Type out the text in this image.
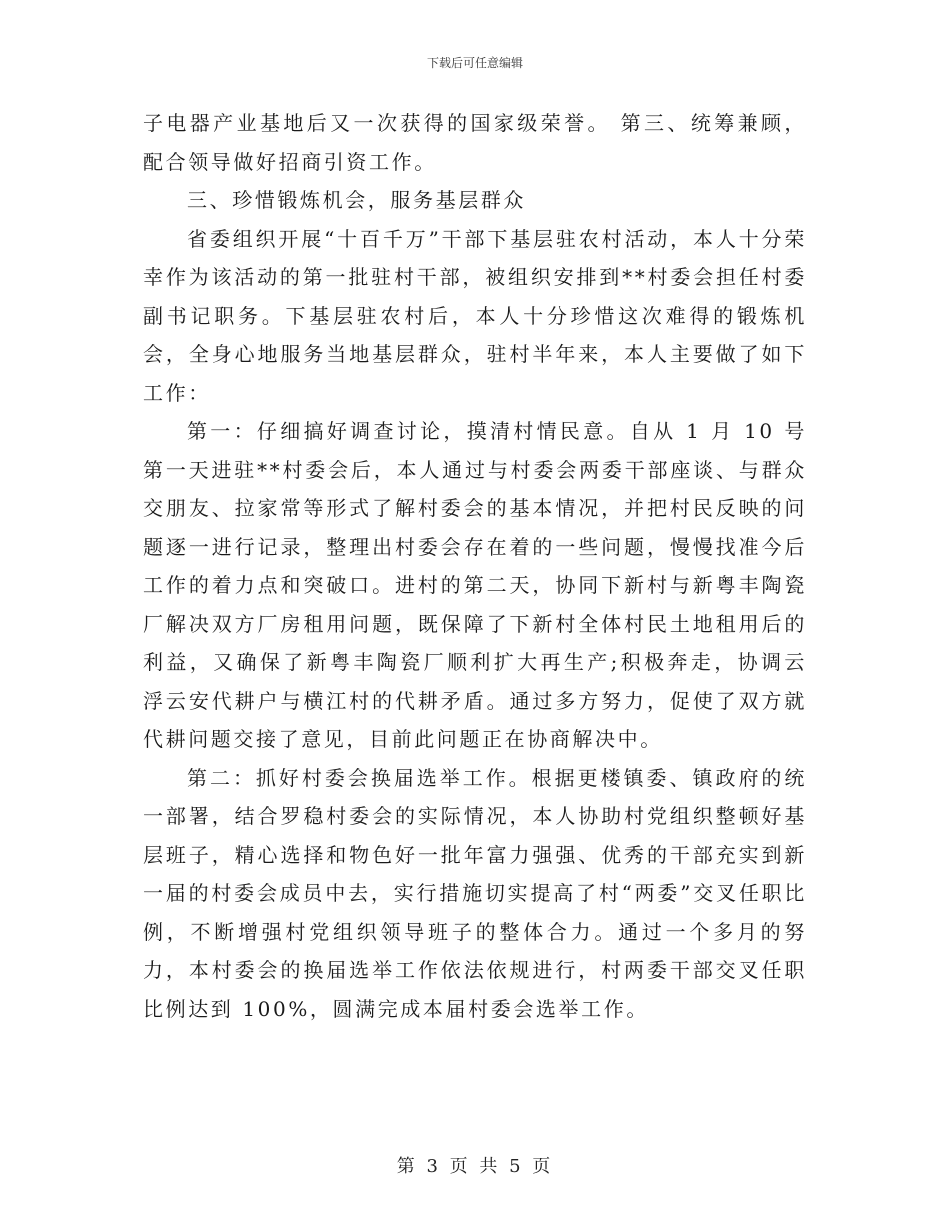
下载后可任意编辑

子电器产业基地后又一次获得的国家级荣誉。 第三、统筹兼顾，配合领导做好招商引资工作。

三、珍惜锻炼机会，服务基层群众

省委组织开展“十百千万”干部下基层驻农村活动，本人十分荣幸作为该活动的第一批驻村干部，被组织安排到**村委会担任村委副书记职务。下基层驻农村后，本人十分珍惜这次难得的锻炼机会，全身心地服务当地基层群众，驻村半年来，本人主要做了如下工作：

第一：仔细搞好调查讨论，摸清村情民意。自从 1 月 10 号第一天进驻**村委会后，本人通过与村委会两委干部座谈、与群众交朋友、拉家常等形式了解村委会的基本情况，并把村民反映的问题逐一进行记录，整理出村委会存在着的一些问题，慢慢找准今后工作的着力点和突破口。进村的第二天，协同下新村与新粤丰陶瓷厂解决双方厂房租用问题，既保障了下新村全体村民土地租用后的利益，又确保了新粤丰陶瓷厂顺利扩大再生产;积极奔走，协调云浮云安代耕户与横江村的代耕矛盾。通过多方努力，促使了双方就代耕问题交接了意见，目前此问题正在协商解决中。

第二：抓好村委会换届选举工作。根据更楼镇委、镇政府的统一部署，结合罗稳村委会的实际情况，本人协助村党组织整顿好基层班子，精心选择和物色好一批年富力强强、优秀的干部充实到新一届的村委会成员中去，实行措施切实提高了村“两委”交叉任职比例，不断增强村党组织领导班子的整体合力。通过一个多月的努力，本村委会的换届选举工作依法依规进行，村两委干部交叉任职比例达到 100%，圆满完成本届村委会选举工作。

第 3 页 共 5 页
